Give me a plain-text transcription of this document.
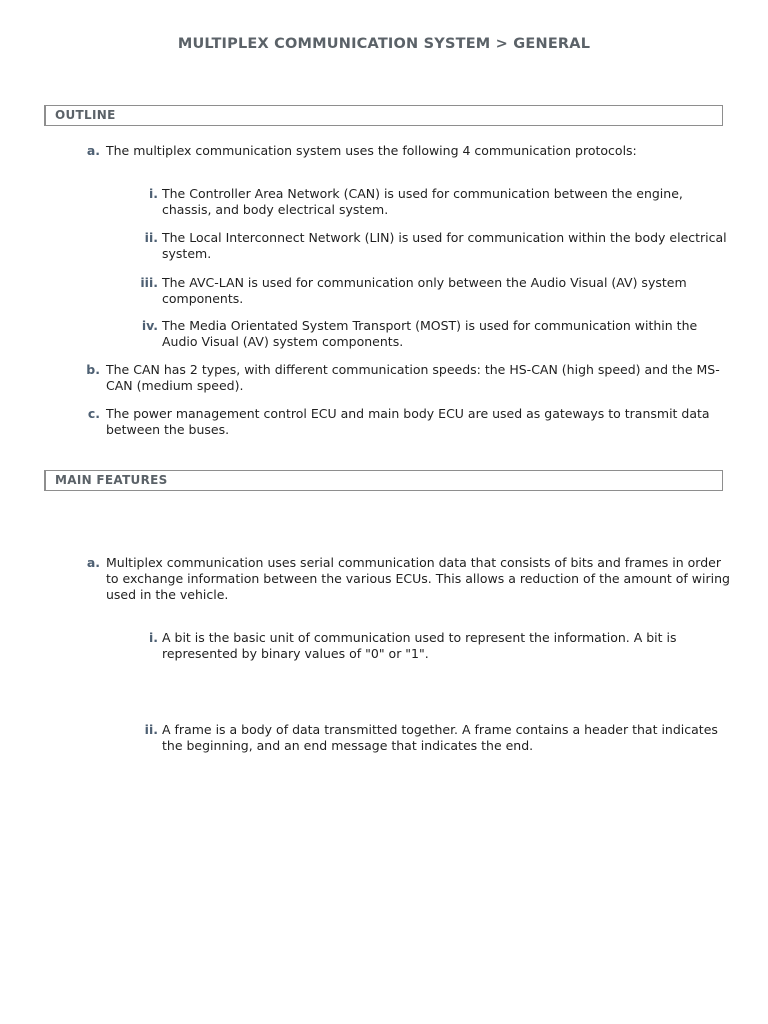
MULTIPLEX COMMUNICATION SYSTEM > GENERAL
OUTLINE
a. The multiplex communication system uses the following 4 communication protocols:
i. The Controller Area Network (CAN) is used for communication between the engine, chassis, and body electrical system.
ii. The Local Interconnect Network (LIN) is used for communication within the body electrical system.
iii. The AVC-LAN is used for communication only between the Audio Visual (AV) system components.
iv. The Media Orientated System Transport (MOST) is used for communication within the Audio Visual (AV) system components.
b. The CAN has 2 types, with different communication speeds: the HS-CAN (high speed) and the MS-CAN (medium speed).
c. The power management control ECU and main body ECU are used as gateways to transmit data between the buses.
MAIN FEATURES
a. Multiplex communication uses serial communication data that consists of bits and frames in order to exchange information between the various ECUs. This allows a reduction of the amount of wiring used in the vehicle.
i. A bit is the basic unit of communication used to represent the information. A bit is represented by binary values of "0" or "1".
ii. A frame is a body of data transmitted together. A frame contains a header that indicates the beginning, and an end message that indicates the end.
